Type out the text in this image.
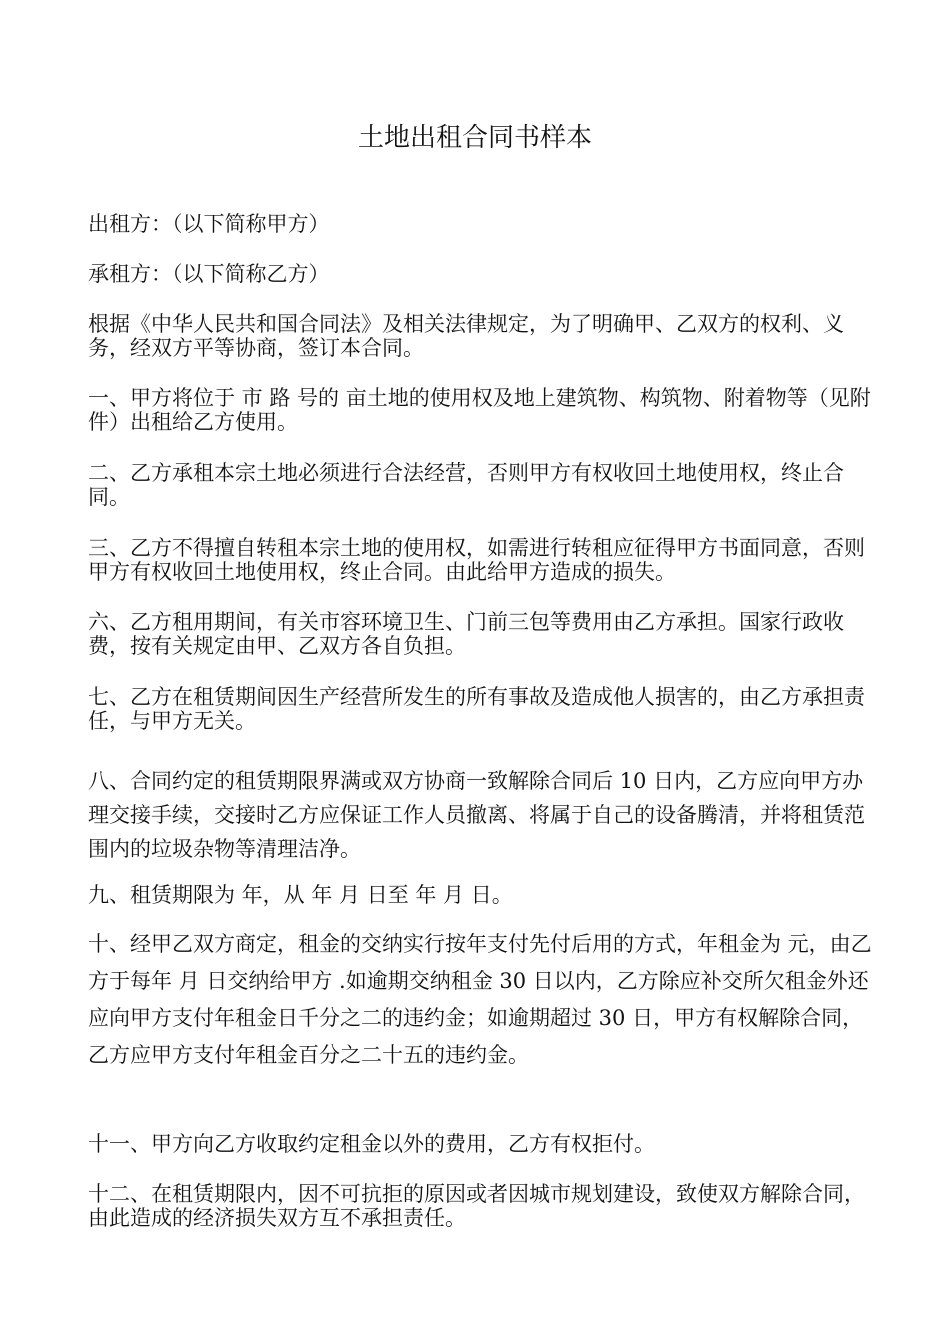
土地出租合同书样本

出租方：（以下简称甲方）

承租方：（以下简称乙方）

根据《中华人民共和国合同法》及相关法律规定，为了明确甲、乙双方的权利、义务，经双方平等协商，签订本合同。

一、甲方将位于 市 路 号的 亩土地的使用权及地上建筑物、构筑物、附着物等（见附件）出租给乙方使用。

二、乙方承租本宗土地必须进行合法经营，否则甲方有权收回土地使用权，终止合同。

三、乙方不得擅自转租本宗土地的使用权，如需进行转租应征得甲方书面同意，否则甲方有权收回土地使用权，终止合同。由此给甲方造成的损失。

六、乙方租用期间，有关市容环境卫生、门前三包等费用由乙方承担。国家行政收费，按有关规定由甲、乙双方各自负担。

七、乙方在租赁期间因生产经营所发生的所有事故及造成他人损害的，由乙方承担责任，与甲方无关。

八、合同约定的租赁期限界满或双方协商一致解除合同后 10 日内，乙方应向甲方办理交接手续，交接时乙方应保证工作人员撤离、将属于自己的设备腾清，并将租赁范围内的垃圾杂物等清理洁净。

九、租赁期限为 年，从 年 月 日至 年 月 日。

十、经甲乙双方商定，租金的交纳实行按年支付先付后用的方式，年租金为 元，由乙方于每年 月 日交纳给甲方 .如逾期交纳租金 30 日以内，乙方除应补交所欠租金外还应向甲方支付年租金日千分之二的违约金；如逾期超过 30 日，甲方有权解除合同，乙方应甲方支付年租金百分之二十五的违约金。

十一、甲方向乙方收取约定租金以外的费用，乙方有权拒付。

十二、在租赁期限内，因不可抗拒的原因或者因城市规划建设，致使双方解除合同，由此造成的经济损失双方互不承担责任。
